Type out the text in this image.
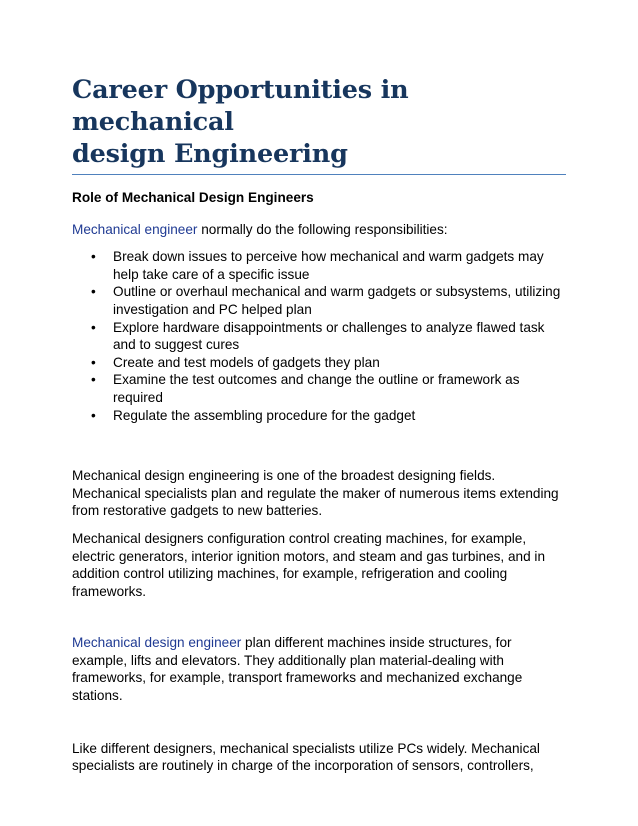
Career Opportunities in mechanical
design Engineering

Role of Mechanical Design Engineers

Mechanical engineer normally do the following responsibilities:

• Break down issues to perceive how mechanical and warm gadgets may help take care of a specific issue
• Outline or overhaul mechanical and warm gadgets or subsystems, utilizing investigation and PC helped plan
• Explore hardware disappointments or challenges to analyze flawed task and to suggest cures
• Create and test models of gadgets they plan
• Examine the test outcomes and change the outline or framework as required
• Regulate the assembling procedure for the gadget

Mechanical design engineering is one of the broadest designing fields. Mechanical specialists plan and regulate the maker of numerous items extending from restorative gadgets to new batteries.

Mechanical designers configuration control creating machines, for example, electric generators, interior ignition motors, and steam and gas turbines, and in addition control utilizing machines, for example, refrigeration and cooling frameworks.

Mechanical design engineer plan different machines inside structures, for example, lifts and elevators. They additionally plan material-dealing with frameworks, for example, transport frameworks and mechanized exchange stations.

Like different designers, mechanical specialists utilize PCs widely. Mechanical specialists are routinely in charge of the incorporation of sensors, controllers,
